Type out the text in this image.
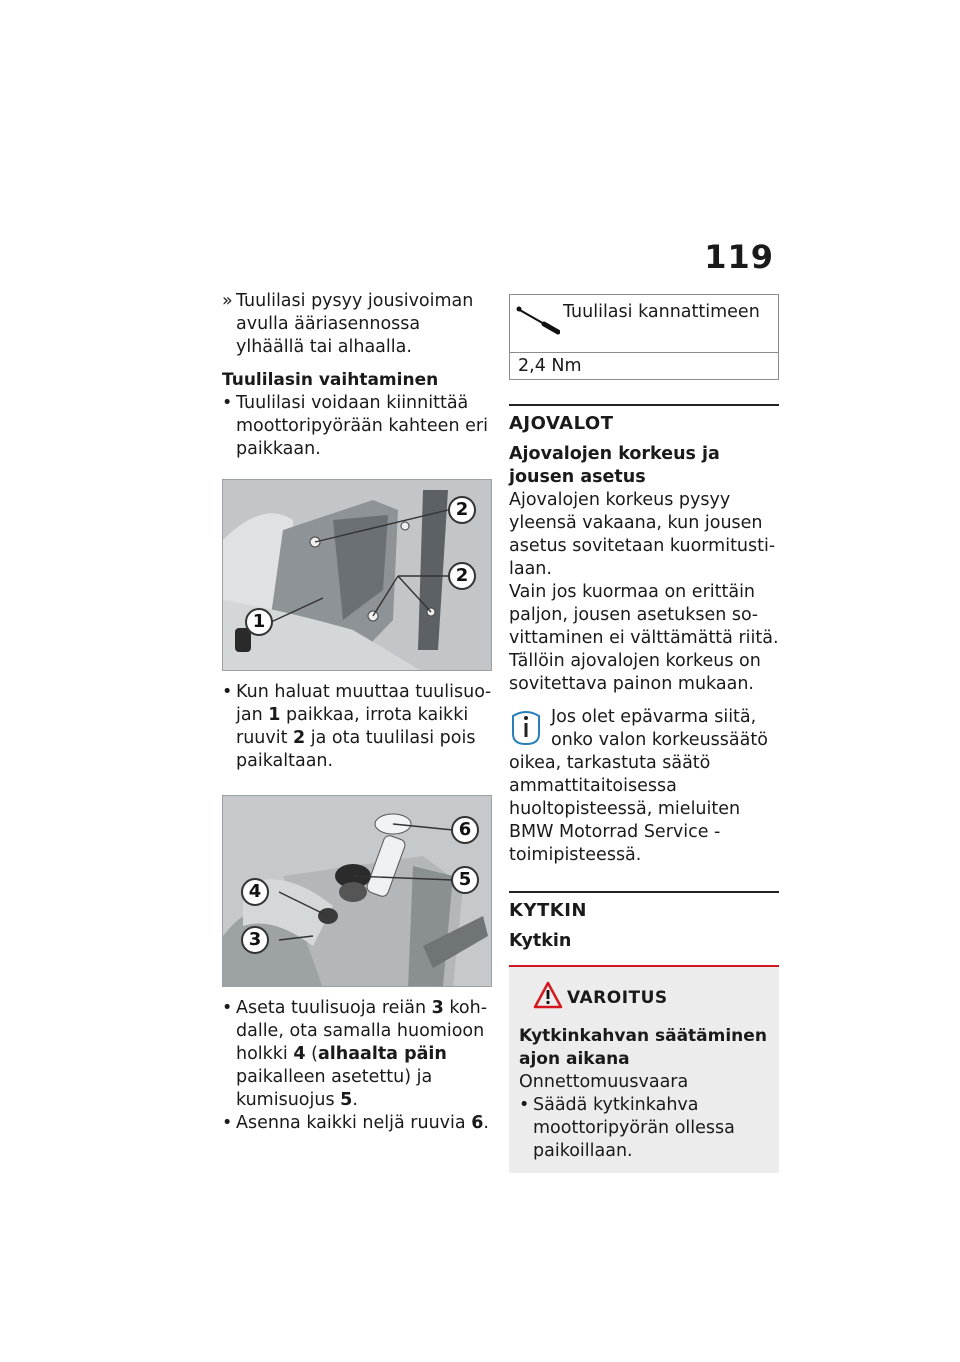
119

» Tuulilasi pysyy jousivoiman avulla ääriasennossa ylhäällä tai alhaalla.

Tuulilasin vaihtaminen

• Tuulilasi voidaan kiinnittää moottoripyörään kahteen eri paikkaan.

2
2
1

• Kun haluat muuttaa tuulisuojan 1 paikkaa, irrota kaikki ruuvit 2 ja ota tuulilasi pois paikaltaan.

6
5
4
3

• Aseta tuulisuoja reiän 3 kohdalle, ota samalla huomioon holkki 4 (alhaalta päin paikalleen asetettu) ja kumisuojus 5.

• Asenna kaikki neljä ruuvia 6.

Tuulilasi kannattimeen
2,4 Nm
AJOVALOT
Ajovalojen korkeus ja jousen asetus

Ajovalojen korkeus pysyy yleensä vakaana, kun jousen asetus sovitetaan kuormitustilaan.

Vain jos kuormaa on erittäin paljon, jousen asetuksen sovittaminen ei välttämättä riitä. Tällöin ajovalojen korkeus on sovitettava painon mukaan.

Jos olet epävarma siitä,
onko valon korkeussäätö
oikea, tarkastuta säätö ammattitaitoisessa huoltopisteessä, mieluiten BMW Motorrad Service -toimipisteessä.
KYTKIN
Kytkin
VAROITUS
Kytkinkahvan säätäminen ajon aikana

Onnettomuusvaara

• Säädä kytkinkahva moottoripyörän ollessa paikoillaan.
